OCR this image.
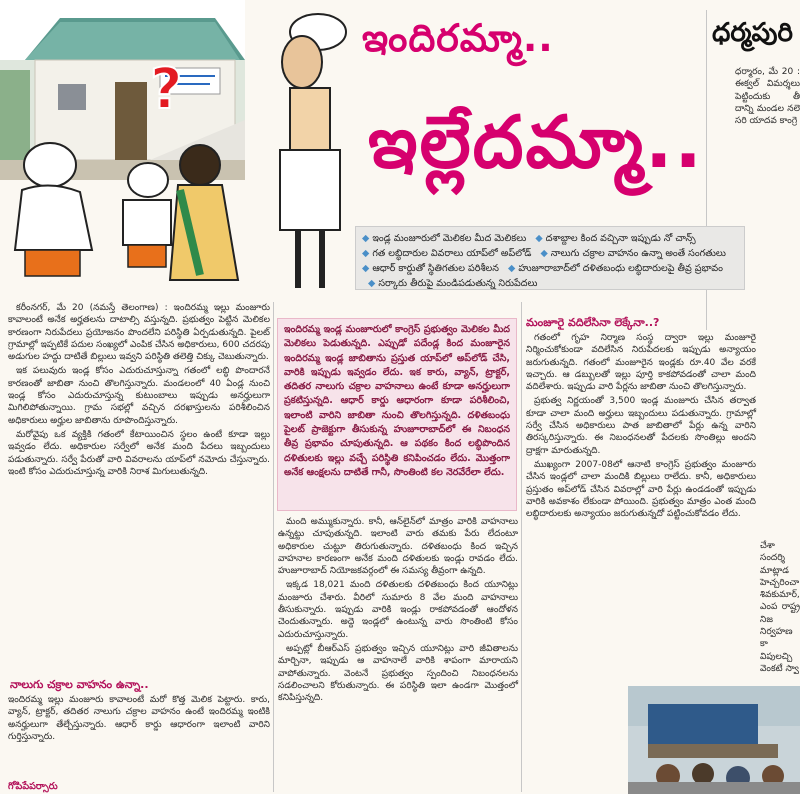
?
ఇందిరమ్మా..
ఇల్లేదమ్మా..
ధర్మపురి
ధర్మారం, మే 20 : ఈక్వల్ విమర్శలు పెట్టిందుకు తీ దాన్ని మండల నలె సరి యాదవ కాంగ్రె
చేశా సందర్శి మాట్లాడ హెచ్చరించా శివకుమార్, ఎంప రాష్ట్ర నిజ నిర్వహణ కా విపులచ్చి వెంకటే స్వా
◆ ఇండ్ల మంజూరులో మెలికల మీద మెలికలు ◆ దశాబ్దాల కింద వచ్చినా ఇప్పుడు నో చాన్స్
◆ గత లబ్ధిదారుల వివరాలు యాప్‌లో అప్‌లోడ్ ◆ నాలుగు చక్రాల వాహనం ఉన్నా అంతే సంగతులు
◆ ఆధార్ కార్డుతో స్థితిగతుల పరిశీలన ◆ హుజూరాబాద్‌లో దళితబంధు లబ్ధిదారులపై తీవ్ర ప్రభావం ◆ సర్కారు తీరుపై మండిపడుతున్న నిరుపేదలు

కరీంనగర్, మే 20 (నమస్తే తెలంగాణ) : ఇందిరమ్మ ఇల్లు మంజూరు కావాలంటే అనేక అర్హతలను దాటాల్సి వస్తున్నది. ప్రభుత్వం పెట్టిన మెలికల కారణంగా నిరుపేదలు ప్రయోజనం పొందలేని పరిస్థితి ఏర్పడుతున్నది. పైలట్ గ్రామాల్లో ఇప్పటికే పదుల సంఖ్యలో ఎంపిక చేసిన అధికారులు, 600 చదరపు అడుగుల హద్దు దాటితే బిల్లులు ఇవ్వని పరిస్థితి తలెత్తి చిక్కు చెబుతున్నారు.

ఇక పలువురు ఇండ్ల కోసం ఎదురుచూస్తున్నా గతంలో లబ్ధి పొందారనే కారణంతో జాబితా నుంచి తొలగిస్తున్నారు. మండలంలో 40 ఏండ్ల నుంచి ఇండ్ల కోసం ఎదురుచూస్తున్న కుటుంబాలు ఇప్పుడు అనర్హులుగా మిగిలిపోతున్నాయి. గ్రామ సభల్లో వచ్చిన దరఖాస్తులను పరిశీలించిన అధికారులు అర్హుల జాబితాను రూపొందిస్తున్నారు.

మరోవైపు ఒక వ్యక్తికి గతంలో కేటాయించిన స్థలం ఉంటే కూడా ఇల్లు ఇవ్వడం లేదు. అధికారుల సర్వేలో అనేక మంది పేదలు ఇబ్బందులు పడుతున్నారు. సర్వే పేరుతో వారి వివరాలను యాప్‌లో నమోదు చేస్తున్నారు. ఇంటి కోసం ఎదురుచూస్తున్న వారికి నిరాశ మిగులుతున్నది.

నాలుగు చక్రాల వాహనం ఉన్నా..
ఇందిరమ్మ ఇల్లు మంజూరు కావాలంటే మరో కొత్త మెలిక పెట్టారు. కారు, వ్యాన్, ట్రాక్టర్, తదితర నాలుగు చక్రాల వాహనం ఉంటే ఇందిరమ్మ ఇంటికి అనర్హులుగా తేల్చేస్తున్నారు. ఆధార్ కార్డు ఆధారంగా ఇలాంటి వారిని గుర్తిస్తున్నారు.
గోపిపేపర్సారు
ఇందిరమ్మ ఇండ్ల మంజూరులో కాంగ్రెస్ ప్రభుత్వం మెలికల మీద మెలికలు పెడుతున్నది. ఎప్పుడో పదేండ్ల కింద మంజూరైన ఇందిరమ్మ ఇండ్ల జాబితాను ప్రస్తుత యాప్‌లో అప్‌లోడ్ చేసి, వారికి ఇప్పుడు ఇవ్వడం లేదు. ఇక కారు, వ్యాన్, ట్రాక్టర్, తదితర నాలుగు చక్రాల వాహనాలు ఉంటే కూడా అనర్హులుగా ప్రకటిస్తున్నది. ఆధార్ కార్డు ఆధారంగా కూడా పరిశీలించి, ఇలాంటి వారిని జాబితా నుంచి తొలగిస్తున్నది. దళితబంధు పైలట్ ప్రాజెక్టుగా తీసుకున్న హుజూరాబాద్‌లో ఈ నిబంధన తీవ్ర ప్రభావం చూపుతున్నది. ఆ పథకం కింద లబ్ధిపొందిన దళితులకు ఇల్లు వచ్చే పరిస్థితి కనిపించడం లేదు. మొత్తంగా అనేక ఆంక్షలను దాటితే గానీ, సొంతింటి కల నెరవేరేలా లేదు.

మంది అమ్ముకున్నారు. కానీ, ఆన్‌లైన్‌లో మాత్రం వారికి వాహనాలు ఉన్నట్టు చూపుతున్నది. ఇలాంటి వారు తమకు పేరు లేదంటూ అధికారుల చుట్టూ తిరుగుతున్నారు. దళితబంధు కింద ఇచ్చిన వాహనాల కారణంగా అనేక మంది దళితులకు ఇండ్లు రావడం లేదు. హుజూరాబాద్ నియోజకవర్గంలో ఈ సమస్య తీవ్రంగా ఉన్నది.

ఇక్కడ 18,021 మంది దళితులకు దళితబంధు కింద యూనిట్లు మంజూరు చేశారు. వీరిలో సుమారు 8 వేల మంది వాహనాలు తీసుకున్నారు. ఇప్పుడు వారికి ఇండ్లు రాకపోవడంతో ఆందోళన చెందుతున్నారు. అద్దె ఇండ్లలో ఉంటున్న వారు సొంతింటి కోసం ఎదురుచూస్తున్నారు.

అప్పట్లో బీఆర్‌ఎస్ ప్రభుత్వం ఇచ్చిన యూనిట్లు వారి జీవితాలను మార్చినా, ఇప్పుడు ఆ వాహనాలే వారికి శాపంగా మారాయని వాపోతున్నారు. వెంటనే ప్రభుత్వం స్పందించి నిబంధనలను సడలించాలని కోరుతున్నారు. ఈ పరిస్థితి ఇలా ఉండగా మొత్తంలో కనిపిస్తున్నది.

మంజూరై వదిలేసినా లెక్కేనా..?

గతంలో గృహ నిర్మాణ సంస్థ ద్వారా ఇల్లు మంజూరై నిర్మించుకోకుండా వదిలేసిన నిరుపేదలకు ఇప్పుడు అన్యాయం జరుగుతున్నది. గతంలో మంజూరైన ఇండ్లకు రూ.40 వేల వరకే ఇచ్చారు. ఆ డబ్బులతో ఇల్లు పూర్తి కాకపోవడంతో చాలా మంది వదిలేశారు. ఇప్పుడు వారి పేర్లను జాబితా నుంచి తొలగిస్తున్నారు.

ప్రభుత్వ నిర్ణయంతో 3,500 ఇండ్ల మంజూరు చేసిన తర్వాత కూడా చాలా మంది అర్హులు ఇబ్బందులు పడుతున్నారు. గ్రామాల్లో సర్వే చేసిన అధికారులు పాత జాబితాలో పేర్లు ఉన్న వారిని తిరస్కరిస్తున్నారు. ఈ నిబంధనలతో పేదలకు సొంతిల్లు అందని ద్రాక్షగా మారుతున్నది.

ముఖ్యంగా 2007-08లో ఆనాటి కాంగ్రెస్ ప్రభుత్వం మంజూరు చేసిన ఇండ్లలో చాలా మందికి బిల్లులు రాలేదు. కానీ, అధికారులు ప్రస్తుతం అప్‌లోడ్ చేసిన వివరాల్లో వారి పేర్లు ఉండడంతో ఇప్పుడు వారికి అవకాశం లేకుండా పోయింది. ప్రభుత్వం మాత్రం ఎంత మంది లబ్ధిదారులకు అన్యాయం జరుగుతున్నదో పట్టించుకోవడం లేదు.
